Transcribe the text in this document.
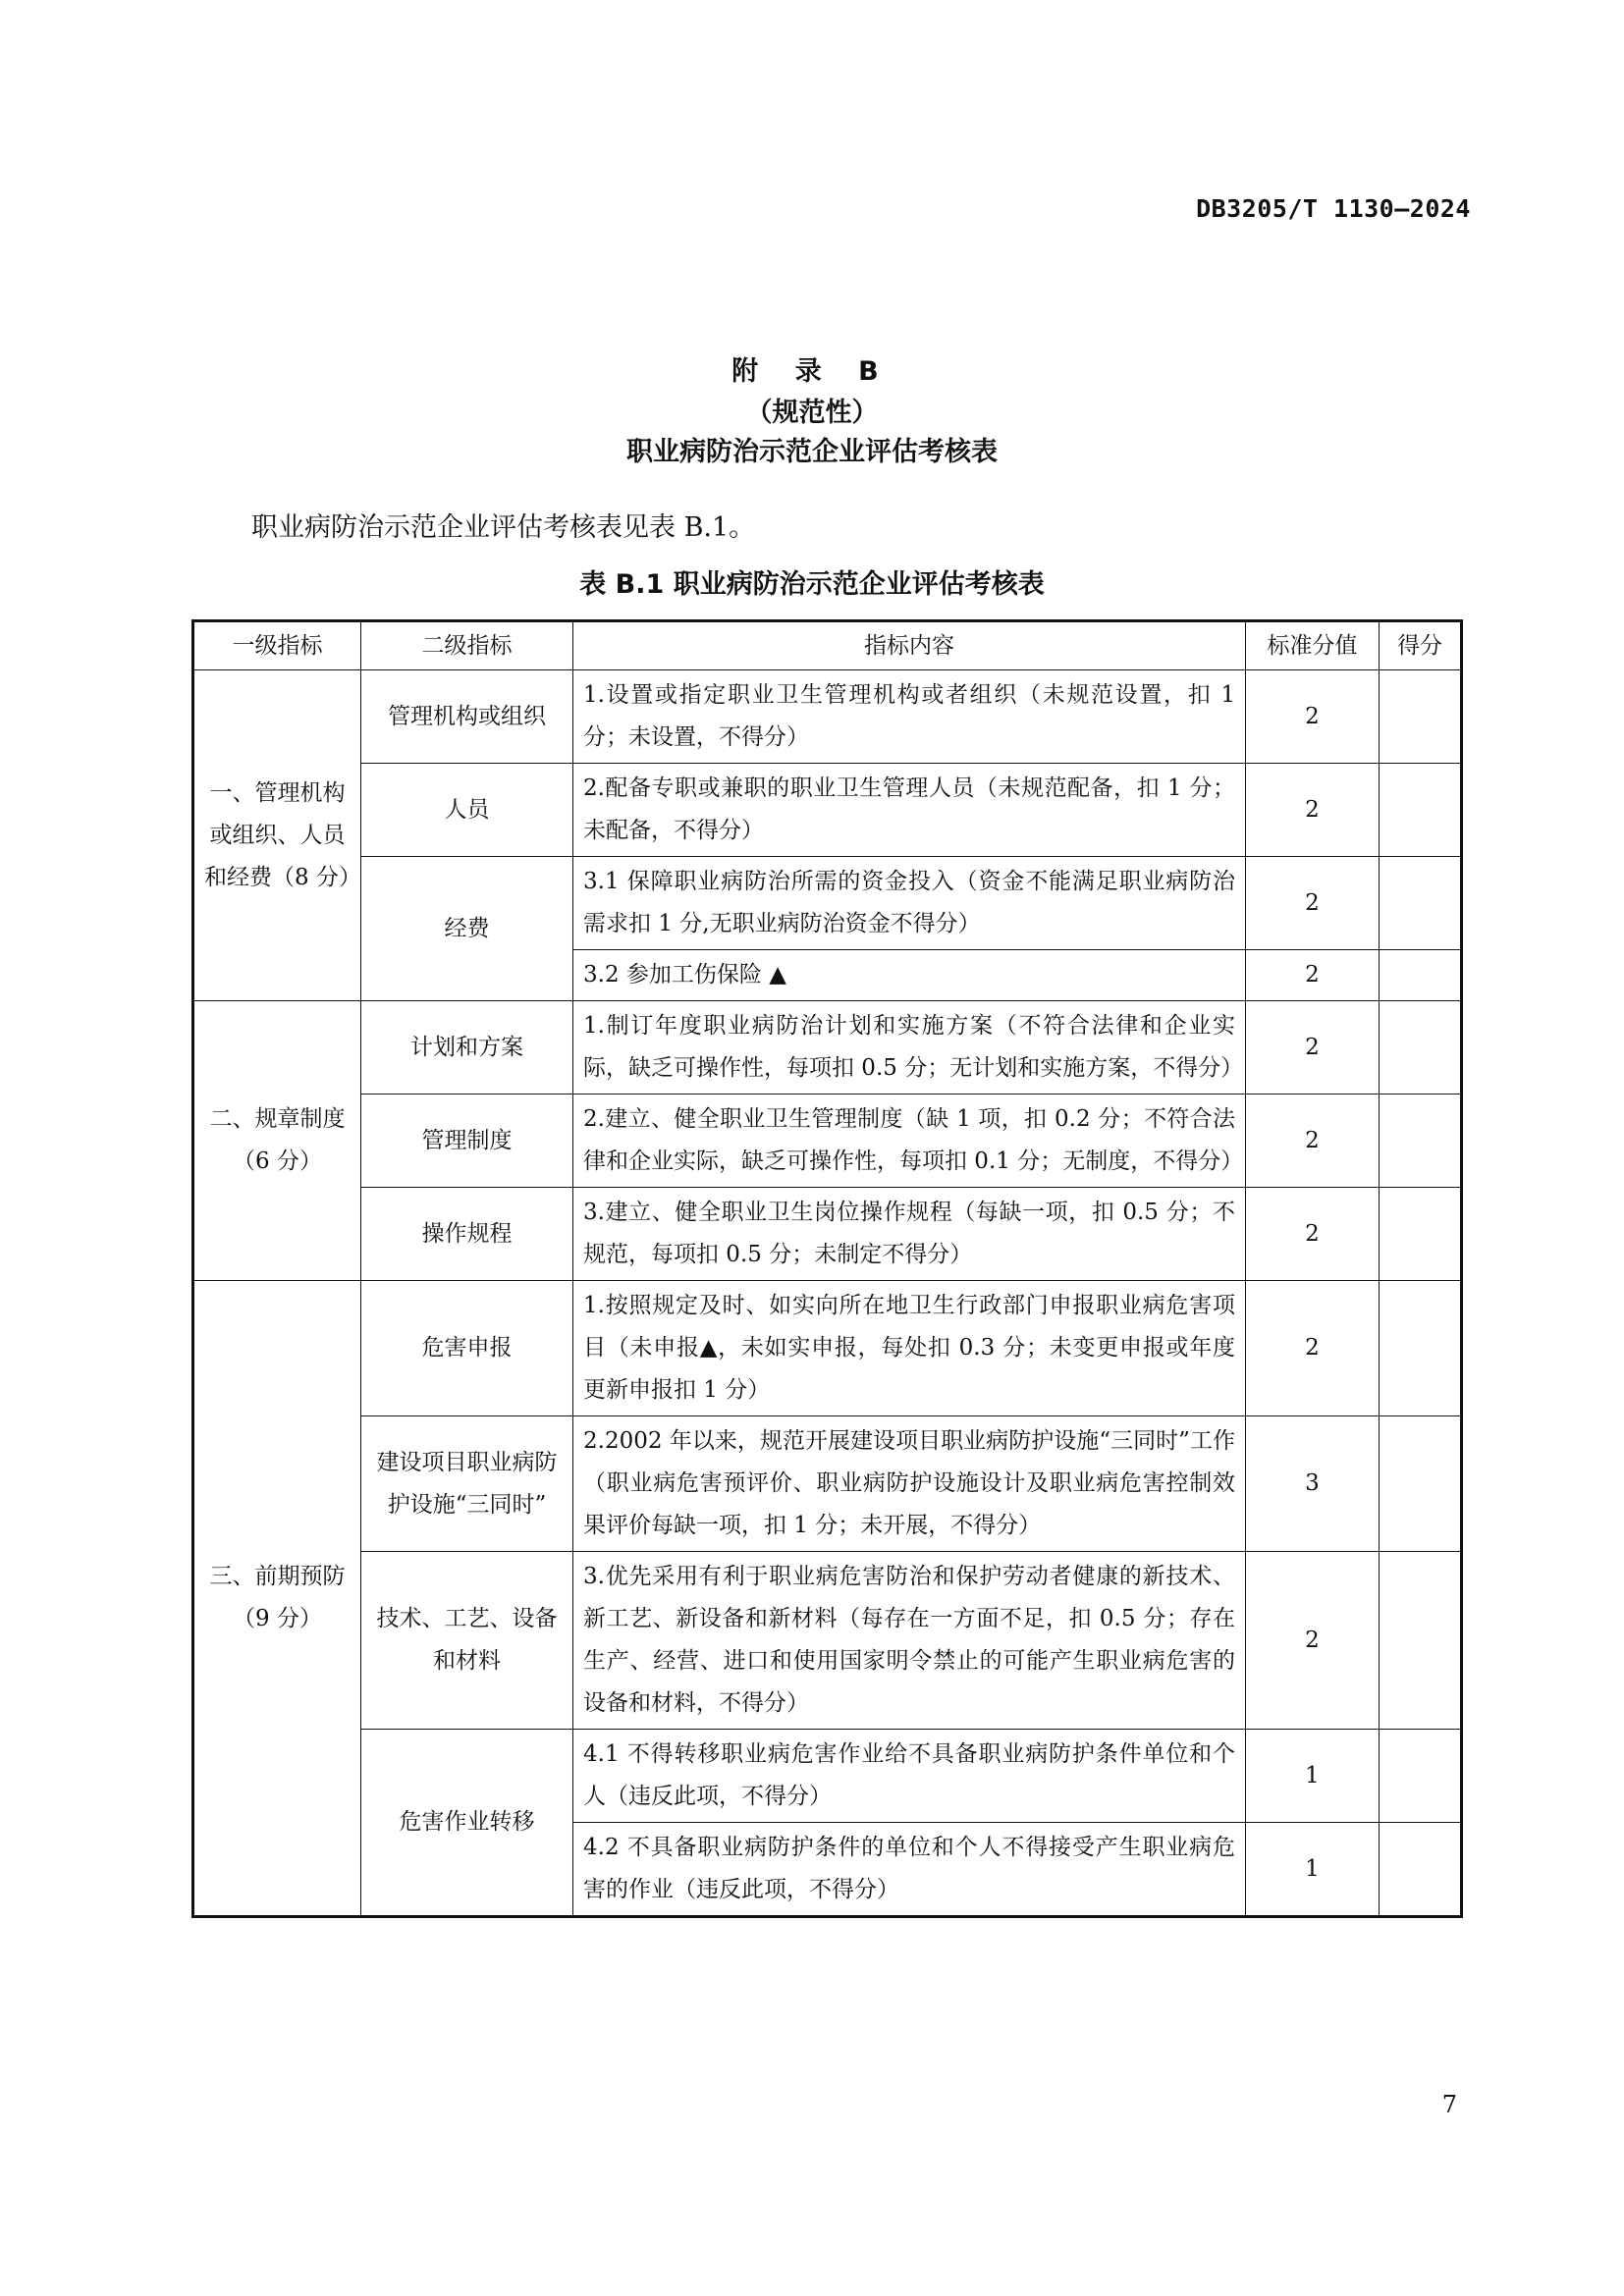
DB3205/T 1130—2024
附 录 B
（规范性）
职业病防治示范企业评估考核表
职业病防治示范企业评估考核表见表 B.1。
表 B.1 职业病防治示范企业评估考核表
一级指标	二级指标	指标内容	标准分值	得分
一、管理机构或组织、人员和经费（8 分）	管理机构或组织	1.设置或指定职业卫生管理机构或者组织（未规范设置，扣 1 分；未设置，不得分）	2	
	人员	2.配备专职或兼职的职业卫生管理人员（未规范配备，扣 1 分；未配备，不得分）	2	
	经费	3.1 保障职业病防治所需的资金投入（资金不能满足职业病防治需求扣 1 分,无职业病防治资金不得分）	2	
		3.2 参加工伤保险 ▲	2	
二、规章制度（6 分）	计划和方案	1.制订年度职业病防治计划和实施方案（不符合法律和企业实际，缺乏可操作性，每项扣 0.5 分；无计划和实施方案，不得分）	2	
	管理制度	2.建立、健全职业卫生管理制度（缺 1 项，扣 0.2 分；不符合法律和企业实际，缺乏可操作性，每项扣 0.1 分；无制度，不得分）	2	
	操作规程	3.建立、健全职业卫生岗位操作规程（每缺一项，扣 0.5 分；不规范，每项扣 0.5 分；未制定不得分）	2	
三、前期预防（9 分）	危害申报	1.按照规定及时、如实向所在地卫生行政部门申报职业病危害项目（未申报▲，未如实申报，每处扣 0.3 分；未变更申报或年度更新申报扣 1 分）	2	
	建设项目职业病防护设施“三同时”	2.2002 年以来，规范开展建设项目职业病防护设施“三同时”工作（职业病危害预评价、职业病防护设施设计及职业病危害控制效果评价每缺一项，扣 1 分；未开展，不得分）	3	
	技术、工艺、设备和材料	3.优先采用有利于职业病危害防治和保护劳动者健康的新技术、新工艺、新设备和新材料（每存在一方面不足，扣 0.5 分；存在生产、经营、进口和使用国家明令禁止的可能产生职业病危害的设备和材料，不得分）	2	
	危害作业转移	4.1 不得转移职业病危害作业给不具备职业病防护条件单位和个人（违反此项，不得分）	1	
		4.2 不具备职业病防护条件的单位和个人不得接受产生职业病危害的作业（违反此项，不得分）	1	
7
